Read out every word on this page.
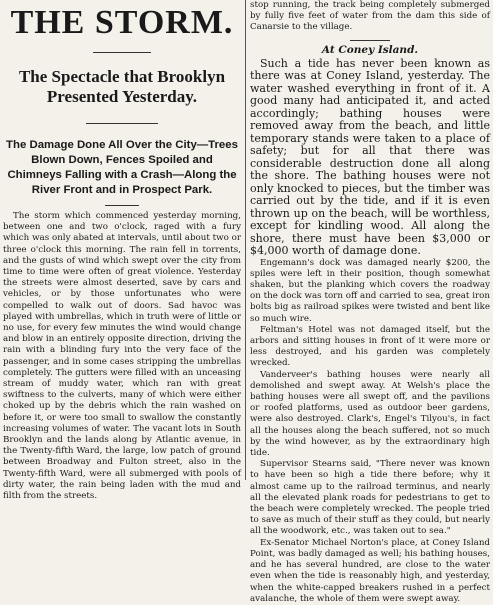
THE STORM.
The Spectacle that Brooklyn Presented Yesterday.
The Damage Done All Over the City—Trees Blown Down, Fences Spoiled and Chimneys Falling with a Crash—Along the River Front and in Prospect Park.

The storm which commenced yesterday morning, between one and two o'clock, raged with a fury which was only abated at intervals, until about two or three o'clock this morning. The rain fell in torrents, and the gusts of wind which swept over the city from time to time were often of great violence. Yesterday the streets were almost deserted, save by cars and vehicles, or by those unfortunates who were compelled to walk out of doors. Sad havoc was played with umbrellas, which in truth were of little or no use, for every few minutes the wind would change and blow in an entirely opposite direction, driving the rain with a blinding fury into the very face of the passenger, and in some cases stripping the umbrellas completely. The gutters were filled with an unceasing stream of muddy water, which ran with great swiftness to the culverts, many of which were either choked up by the debris which the rain washed on before it, or were too small to swallow the constantly increasing volumes of water. The vacant lots in South Brooklyn and the lands along by Atlantic avenue, in the Twenty-fifth Ward, the large, low patch of ground between Broadway and Fulton street, also in the Twenty-fifth Ward, were all submerged with pools of dirty water, the rain being laden with the mud and filth from the streets.

stop running, the track being completely submerged by fully five feet of water from the dam this side of Canarsie to the village.

At Coney Island.

Such a tide has never been known as there was at Coney Island, yesterday. The water washed everything in front of it. A good many had anticipated it, and acted accordingly; bathing houses were removed away from the beach, and little temporary stands were taken to a place of safety; but for all that there was considerable destruction done all along the shore. The bathing houses were not only knocked to pieces, but the timber was carried out by the tide, and if it is even thrown up on the beach, will be worthless, except for kindling wood. All along the shore, there must have been $3,000 or $4,000 worth of damage done.

Engemann's dock was damaged nearly $200, the spiles were left in their position, though somewhat shaken, but the planking which covers the roadway on the dock was torn off and carried to sea, great iron bolts big as railroad spikes were twisted and bent like so much wire.

Feltman's Hotel was not damaged itself, but the arbors and sitting houses in front of it were more or less destroyed, and his garden was completely wrecked.

Vanderveer's bathing houses were nearly all demolished and swept away. At Welsh's place the bathing houses were all swept off, and the pavilions or roofed platforms, used as outdoor beer gardens, were also destroyed. Clark's, Engel's Tilyou's, in fact all the houses along the beach suffered, not so much by the wind however, as by the extraordinary high tide.

Supervisor Stearns said, "There never was known to have been so high a tide there before; why it almost came up to the railroad terminus, and nearly all the elevated plank roads for pedestrians to get to the beach were completely wrecked. The people tried to save as much of their stuff as they could, but nearly all the woodwork, etc., was taken out to sea."

Ex-Senator Michael Norton's place, at Coney Island Point, was badly damaged as well; his bathing houses, and he has several hundred, are close to the water even when the tide is reasonably high, and yesterday, when the white-capped breakers rushed in a perfect avalanche, the whole of them were swept away.
